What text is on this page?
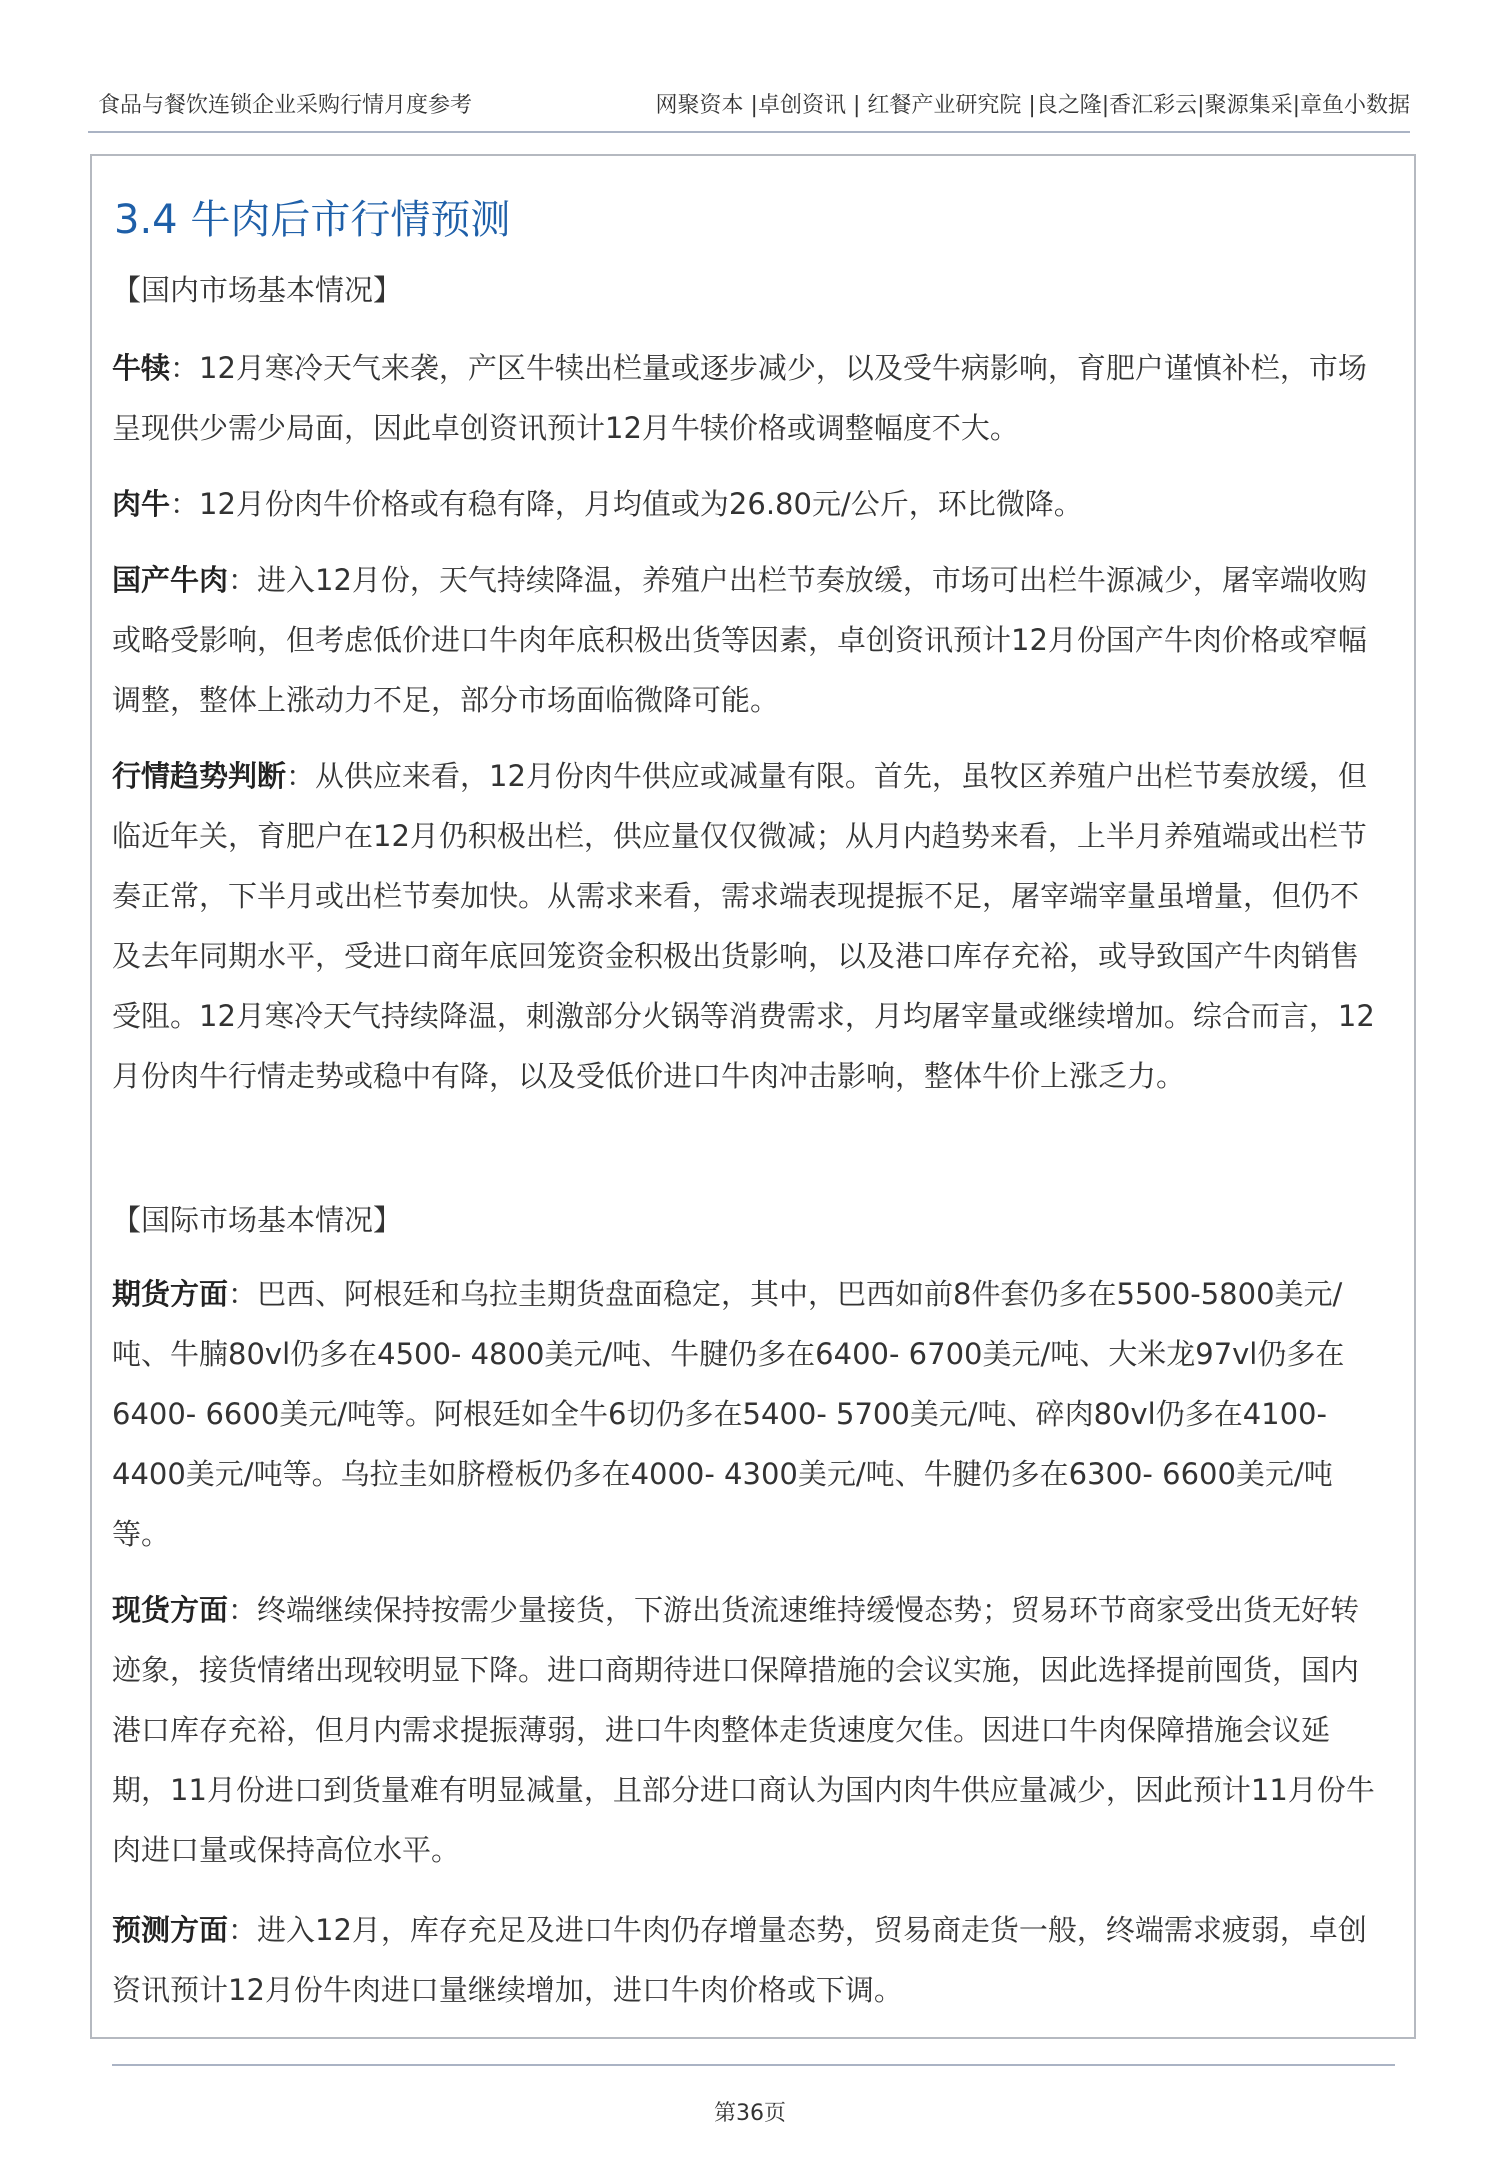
食品与餐饮连锁企业采购行情月度参考	网聚资本 |卓创资讯 | 红餐产业研究院 |良之隆|香汇彩云|聚源集采|章鱼小数据
3.4 牛肉后市行情预测
【国内市场基本情况】
牛犊：12月寒冷天气来袭，产区牛犊出栏量或逐步减少，以及受牛病影响，育肥户谨慎补栏，市场呈现供少需少局面，因此卓创资讯预计12月牛犊价格或调整幅度不大。
肉牛：12月份肉牛价格或有稳有降，月均值或为26.80元/公斤，环比微降。
国产牛肉：进入12月份，天气持续降温，养殖户出栏节奏放缓，市场可出栏牛源减少，屠宰端收购或略受影响，但考虑低价进口牛肉年底积极出货等因素，卓创资讯预计12月份国产牛肉价格或窄幅调整，整体上涨动力不足，部分市场面临微降可能。
行情趋势判断：从供应来看，12月份肉牛供应或减量有限。首先，虽牧区养殖户出栏节奏放缓，但临近年关，育肥户在12月仍积极出栏，供应量仅仅微减；从月内趋势来看，上半月养殖端或出栏节奏正常，下半月或出栏节奏加快。从需求来看，需求端表现提振不足，屠宰端宰量虽增量，但仍不及去年同期水平，受进口商年底回笼资金积极出货影响，以及港口库存充裕，或导致国产牛肉销售受阻。12月寒冷天气持续降温，刺激部分火锅等消费需求，月均屠宰量或继续增加。综合而言，12月份肉牛行情走势或稳中有降，以及受低价进口牛肉冲击影响，整体牛价上涨乏力。
【国际市场基本情况】
期货方面：巴西、阿根廷和乌拉圭期货盘面稳定，其中，巴西如前8件套仍多在5500-5800美元/吨、牛腩80vl仍多在4500- 4800美元/吨、牛腱仍多在6400- 6700美元/吨、大米龙97vl仍多在6400- 6600美元/吨等。阿根廷如全牛6切仍多在5400- 5700美元/吨、碎肉80vl仍多在4100- 4400美元/吨等。乌拉圭如脐橙板仍多在4000- 4300美元/吨、牛腱仍多在6300- 6600美元/吨等。
现货方面：终端继续保持按需少量接货，下游出货流速维持缓慢态势；贸易环节商家受出货无好转迹象，接货情绪出现较明显下降。进口商期待进口保障措施的会议实施，因此选择提前囤货，国内港口库存充裕，但月内需求提振薄弱，进口牛肉整体走货速度欠佳。因进口牛肉保障措施会议延期，11月份进口到货量难有明显减量，且部分进口商认为国内肉牛供应量减少，因此预计11月份牛肉进口量或保持高位水平。
预测方面：进入12月，库存充足及进口牛肉仍存增量态势，贸易商走货一般，终端需求疲弱，卓创资讯预计12月份牛肉进口量继续增加，进口牛肉价格或下调。
第36页
